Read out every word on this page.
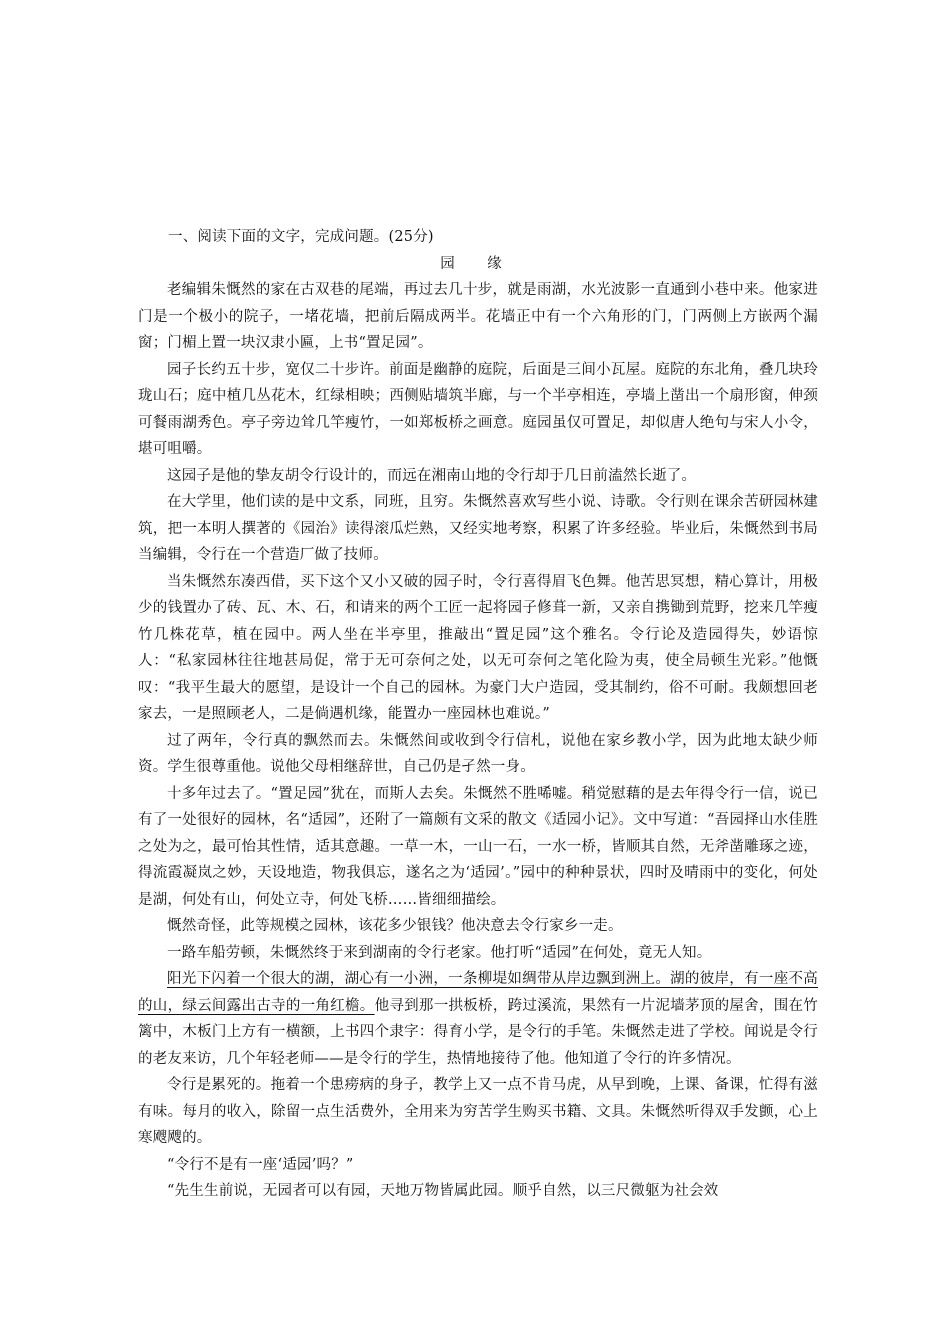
一、阅读下面的文字，完成问题。(25分)

园 缘

老编辑朱慨然的家在古双巷的尾端，再过去几十步，就是雨湖，水光波影一直通到小巷中来。他家进门是一个极小的院子，一堵花墙，把前后隔成两半。花墙正中有一个六角形的门，门两侧上方嵌两个漏窗；门楣上置一块汉隶小匾，上书“置足园”。

园子长约五十步，宽仅二十步许。前面是幽静的庭院，后面是三间小瓦屋。庭院的东北角，叠几块玲珑山石；庭中植几丛花木，红绿相映；西侧贴墙筑半廊，与一个半亭相连，亭墙上凿出一个扇形窗，伸颈可餐雨湖秀色。亭子旁边耸几竿瘦竹，一如郑板桥之画意。庭园虽仅可置足，却似唐人绝句与宋人小令，堪可咀嚼。

这园子是他的挚友胡令行设计的，而远在湘南山地的令行却于几日前溘然长逝了。

在大学里，他们读的是中文系，同班，且穷。朱慨然喜欢写些小说、诗歌。令行则在课余苦研园林建筑，把一本明人撰著的《园治》读得滚瓜烂熟，又经实地考察，积累了许多经验。毕业后，朱慨然到书局当编辑，令行在一个营造厂做了技师。

当朱慨然东凑西借，买下这个又小又破的园子时，令行喜得眉飞色舞。他苦思冥想，精心算计，用极少的钱置办了砖、瓦、木、石，和请来的两个工匠一起将园子修葺一新，又亲自携锄到荒野，挖来几竿瘦竹几株花草，植在园中。两人坐在半亭里，推敲出“置足园”这个雅名。令行论及造园得失，妙语惊人：“私家园林往往地甚局促，常于无可奈何之处，以无可奈何之笔化险为夷，使全局顿生光彩。”他慨叹：“我平生最大的愿望，是设计一个自己的园林。为豪门大户造园，受其制约，俗不可耐。我颇想回老家去，一是照顾老人，二是倘遇机缘，能置办一座园林也难说。”

过了两年，令行真的飘然而去。朱慨然间或收到令行信札，说他在家乡教小学，因为此地太缺少师资。学生很尊重他。说他父母相继辞世，自己仍是孑然一身。

十多年过去了。“置足园”犹在，而斯人去矣。朱慨然不胜唏嘘。稍觉慰藉的是去年得令行一信，说已有了一处很好的园林，名“适园”，还附了一篇颇有文采的散文《适园小记》。文中写道：“吾园择山水佳胜之处为之，最可怡其性情，适其意趣。一草一木，一山一石，一水一桥，皆顺其自然，无斧凿雕琢之迹，得流霞凝岚之妙，天设地造，物我俱忘，遂名之为‘适园’。”园中的种种景状，四时及晴雨中的变化，何处是湖，何处有山，何处立寺，何处飞桥……皆细细描绘。

慨然奇怪，此等规模之园林，该花多少银钱？他决意去令行家乡一走。

一路车船劳顿，朱慨然终于来到湖南的令行老家。他打听“适园”在何处，竟无人知。

阳光下闪着一个很大的湖，湖心有一小洲，一条柳堤如绸带从岸边飘到洲上。湖的彼岸，有一座不高的山，绿云间露出古寺的一角红檐。他寻到那一拱板桥，跨过溪流，果然有一片泥墙茅顶的屋舍，围在竹篱中，木板门上方有一横额，上书四个隶字：得育小学，是令行的手笔。朱慨然走进了学校。闻说是令行的老友来访，几个年轻老师——是令行的学生，热情地接待了他。他知道了令行的许多情况。

令行是累死的。拖着一个患痨病的身子，教学上又一点不肯马虎，从早到晚，上课、备课，忙得有滋有味。每月的收入，除留一点生活费外，全用来为穷苦学生购买书籍、文具。朱慨然听得双手发颤，心上寒飕飕的。

“令行不是有一座‘适园’吗？”

“先生生前说，无园者可以有园，天地万物皆属此园。顺乎自然，以三尺微躯为社会效
